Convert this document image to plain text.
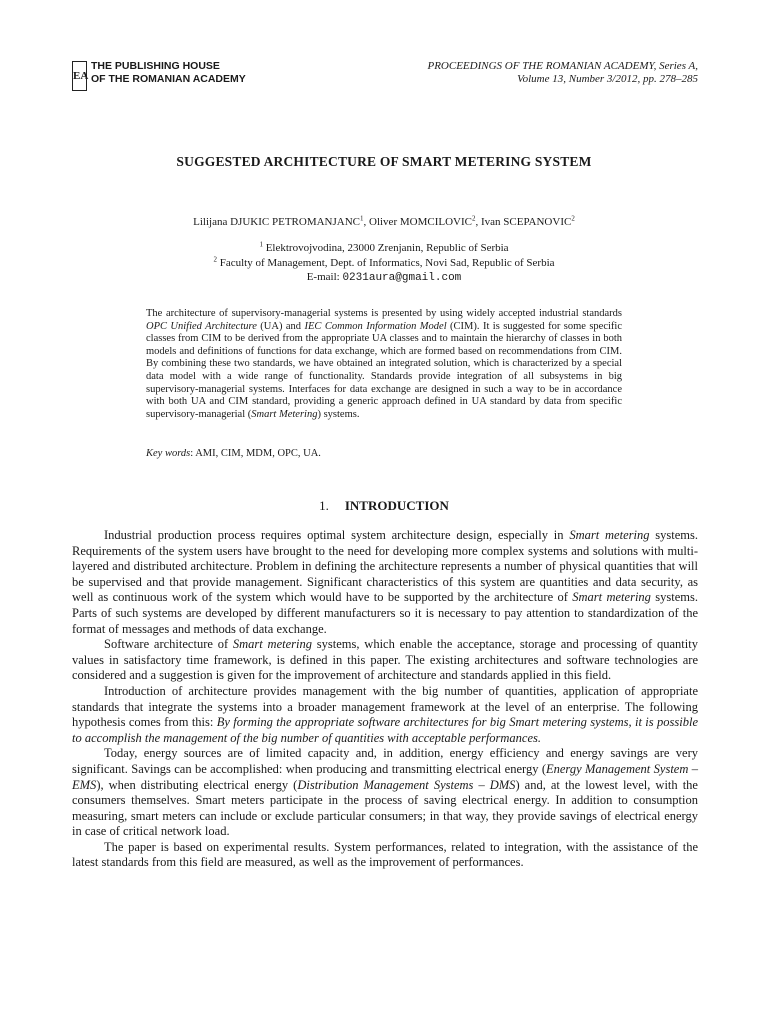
EA
THE PUBLISHING HOUSE
OF THE ROMANIAN ACADEMY
PROCEEDINGS OF THE ROMANIAN ACADEMY, Series A,
Volume 13, Number 3/2012, pp. 278–285
SUGGESTED ARCHITECTURE OF SMART METERING SYSTEM
Lilijana DJUKIC PETROMANJANC$^1$, Oliver MOMCILOVIC$^2$, Ivan SCEPANOVIC$^2$
$^1$ Elektrovojvodina, 23000 Zrenjanin, Republic of Serbia
$^2$ Faculty of Management, Dept. of Informatics, Novi Sad, Republic of Serbia
E-mail: 0231aura@gmail.com
The architecture of supervisory-managerial systems is presented by using widely accepted industrial standards OPC Unified Architecture (UA) and IEC Common Information Model (CIM). It is suggested for some specific classes from CIM to be derived from the appropriate UA classes and to maintain the hierarchy of classes in both models and definitions of functions for data exchange, which are formed based on recommendations from CIM. By combining these two standards, we have obtained an integrated solution, which is characterized by a special data model with a wide range of functionality. Standards provide integration of all subsystems in big supervisory-managerial systems. Interfaces for data exchange are designed in such a way to be in accordance with both UA and CIM standard, providing a generic approach defined in UA standard by data from specific supervisory-managerial (Smart Metering) systems.
Key words: AMI, CIM, MDM, OPC, UA.
1. INTRODUCTION

Industrial production process requires optimal system architecture design, especially in Smart metering systems. Requirements of the system users have brought to the need for developing more complex systems and solutions with multi-layered and distributed architecture. Problem in defining the architecture represents a number of physical quantities that will be supervised and that provide management. Significant characteristics of this system are quantities and data security, as well as continuous work of the system which would have to be supported by the architecture of Smart metering systems. Parts of such systems are developed by different manufacturers so it is necessary to pay attention to standardization of the format of messages and methods of data exchange.

Software architecture of Smart metering systems, which enable the acceptance, storage and processing of quantity values in satisfactory time framework, is defined in this paper. The existing architectures and software technologies are considered and a suggestion is given for the improvement of architecture and standards applied in this field.

Introduction of architecture provides management with the big number of quantities, application of appropriate standards that integrate the systems into a broader management framework at the level of an enterprise. The following hypothesis comes from this: By forming the appropriate software architectures for big Smart metering systems, it is possible to accomplish the management of the big number of quantities with acceptable performances.

Today, energy sources are of limited capacity and, in addition, energy efficiency and energy savings are very significant. Savings can be accomplished: when producing and transmitting electrical energy (Energy Management System – EMS), when distributing electrical energy (Distribution Management Systems – DMS) and, at the lowest level, with the consumers themselves. Smart meters participate in the process of saving electrical energy. In addition to consumption measuring, smart meters can include or exclude particular consumers; in that way, they provide savings of electrical energy in case of critical network load.

The paper is based on experimental results. System performances, related to integration, with the assistance of the latest standards from this field are measured, as well as the improvement of performances.
